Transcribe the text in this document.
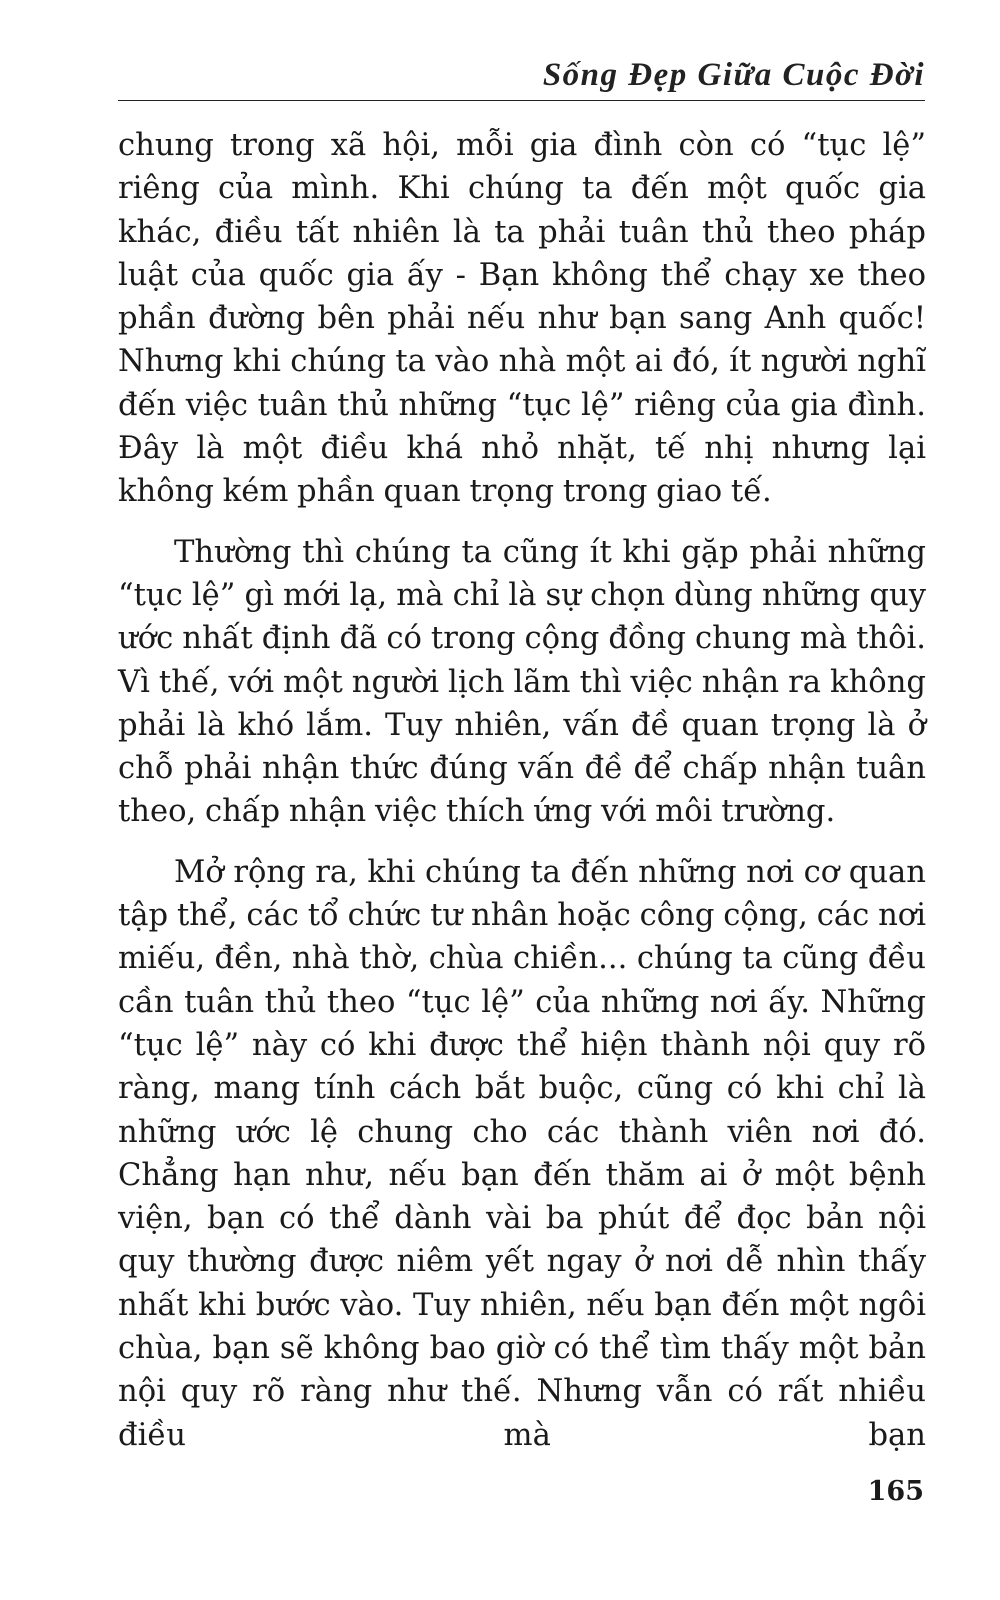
Sống Đẹp Giữa Cuộc Đời

chung trong xã hội, mỗi gia đình còn có “tục lệ” riêng của mình. Khi chúng ta đến một quốc gia khác, điều tất nhiên là ta phải tuân thủ theo pháp luật của quốc gia ấy - Bạn không thể chạy xe theo phần đường bên phải nếu như bạn sang Anh quốc! Nhưng khi chúng ta vào nhà một ai đó, ít người nghĩ đến việc tuân thủ những “tục lệ” riêng của gia đình. Đây là một điều khá nhỏ nhặt, tế nhị nhưng lại không kém phần quan trọng trong giao tế.

Thường thì chúng ta cũng ít khi gặp phải những “tục lệ” gì mới lạ, mà chỉ là sự chọn dùng những quy ước nhất định đã có trong cộng đồng chung mà thôi. Vì thế, với một người lịch lãm thì việc nhận ra không phải là khó lắm. Tuy nhiên, vấn đề quan trọng là ở chỗ phải nhận thức đúng vấn đề để chấp nhận tuân theo, chấp nhận việc thích ứng với môi trường.

Mở rộng ra, khi chúng ta đến những nơi cơ quan tập thể, các tổ chức tư nhân hoặc công cộng, các nơi miếu, đền, nhà thờ, chùa chiền... chúng ta cũng đều cần tuân thủ theo “tục lệ” của những nơi ấy. Những “tục lệ” này có khi được thể hiện thành nội quy rõ ràng, mang tính cách bắt buộc, cũng có khi chỉ là những ước lệ chung cho các thành viên nơi đó. Chẳng hạn như, nếu bạn đến thăm ai ở một bệnh viện, bạn có thể dành vài ba phút để đọc bản nội quy thường được niêm yết ngay ở nơi dễ nhìn thấy nhất khi bước vào. Tuy nhiên, nếu bạn đến một ngôi chùa, bạn sẽ không bao giờ có thể tìm thấy một bản nội quy rõ ràng như thế. Nhưng vẫn có rất nhiều điều mà bạn

165
